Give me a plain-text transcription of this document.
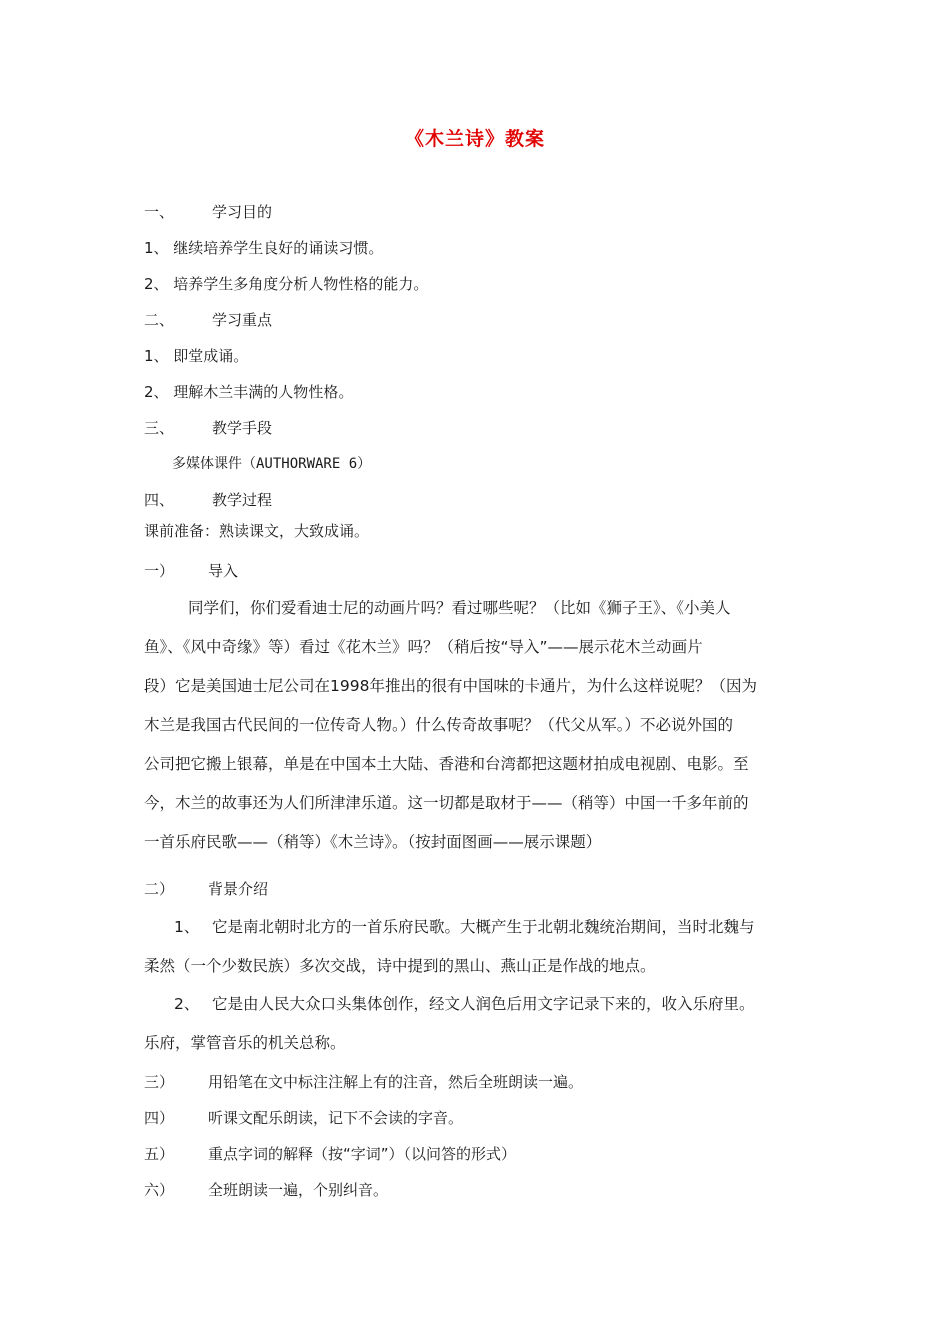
《木兰诗》教案
一、	学习目的
1、 继续培养学生良好的诵读习惯。
2、 培养学生多角度分析人物性格的能力。
二、	学习重点
1、 即堂成诵。
2、 理解木兰丰满的人物性格。
三、	教学手段
多媒体课件（AUTHORWARE 6）
四、	教学过程
课前准备：熟读课文，大致成诵。
一） 导入
同学们，你们爱看迪士尼的动画片吗？看过哪些呢？（比如《狮子王》、《小美人
鱼》、《风中奇缘》等）看过《花木兰》吗？（稍后按“导入”——展示花木兰动画片
段）它是美国迪士尼公司在1998年推出的很有中国味的卡通片，为什么这样说呢？（因为
木兰是我国古代民间的一位传奇人物。）什么传奇故事呢？（代父从军。）不必说外国的
公司把它搬上银幕，单是在中国本土大陆、香港和台湾都把这题材拍成电视剧、电影。至
今，木兰的故事还为人们所津津乐道。这一切都是取材于——（稍等）中国一千多年前的
一首乐府民歌——（稍等）《木兰诗》。（按封面图画——展示课题）
二） 背景介绍
1、 它是南北朝时北方的一首乐府民歌。大概产生于北朝北魏统治期间，当时北魏与
柔然（一个少数民族）多次交战，诗中提到的黑山、燕山正是作战的地点。
2、 它是由人民大众口头集体创作，经文人润色后用文字记录下来的，收入乐府里。
乐府，掌管音乐的机关总称。
三） 用铅笔在文中标注注解上有的注音，然后全班朗读一遍。
四） 听课文配乐朗读，记下不会读的字音。
五） 重点字词的解释（按“字词”）（以问答的形式）
六） 全班朗读一遍，个别纠音。
